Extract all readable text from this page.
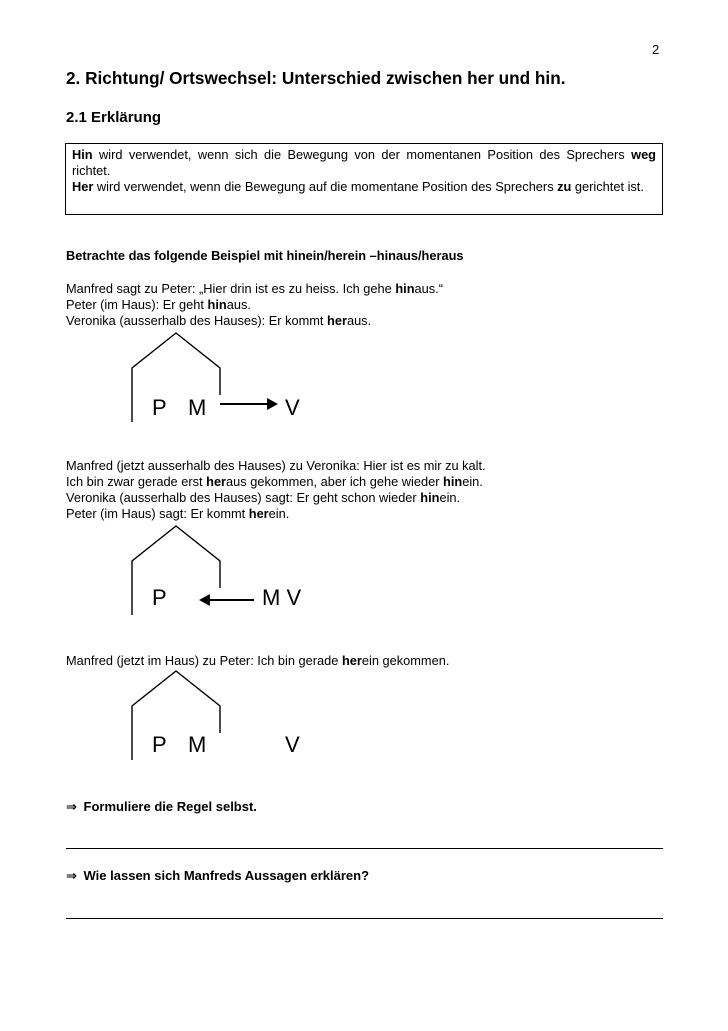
2
2. Richtung/ Ortswechsel: Unterschied zwischen her und hin.
2.1 Erklärung

Hin wird verwendet, wenn sich die Bewegung von der momentanen Position des Sprechers weg richtet.

Her wird verwendet, wenn die Bewegung auf die momentane Position des Sprechers zu gerichtet ist.

Betrachte das folgende Beispiel mit hinein/herein –hinaus/heraus
Manfred sagt zu Peter: „Hier drin ist es zu heiss. Ich gehe hinaus.“
Peter (im Haus): Er geht hinaus.
Veronika (ausserhalb des Hauses): Er kommt heraus.
P M	V
Manfred (jetzt ausserhalb des Hauses) zu Veronika: Hier ist es mir zu kalt.
Ich bin zwar gerade erst heraus gekommen, aber ich gehe wieder hinein.
Veronika (ausserhalb des Hauses) sagt: Er geht schon wieder hinein.
Peter (im Haus) sagt: Er kommt herein.
P	M V
Manfred (jetzt im Haus) zu Peter: Ich bin gerade herein gekommen.
P M	V
⇒ Formuliere die Regel selbst.
⇒ Wie lassen sich Manfreds Aussagen erklären?
